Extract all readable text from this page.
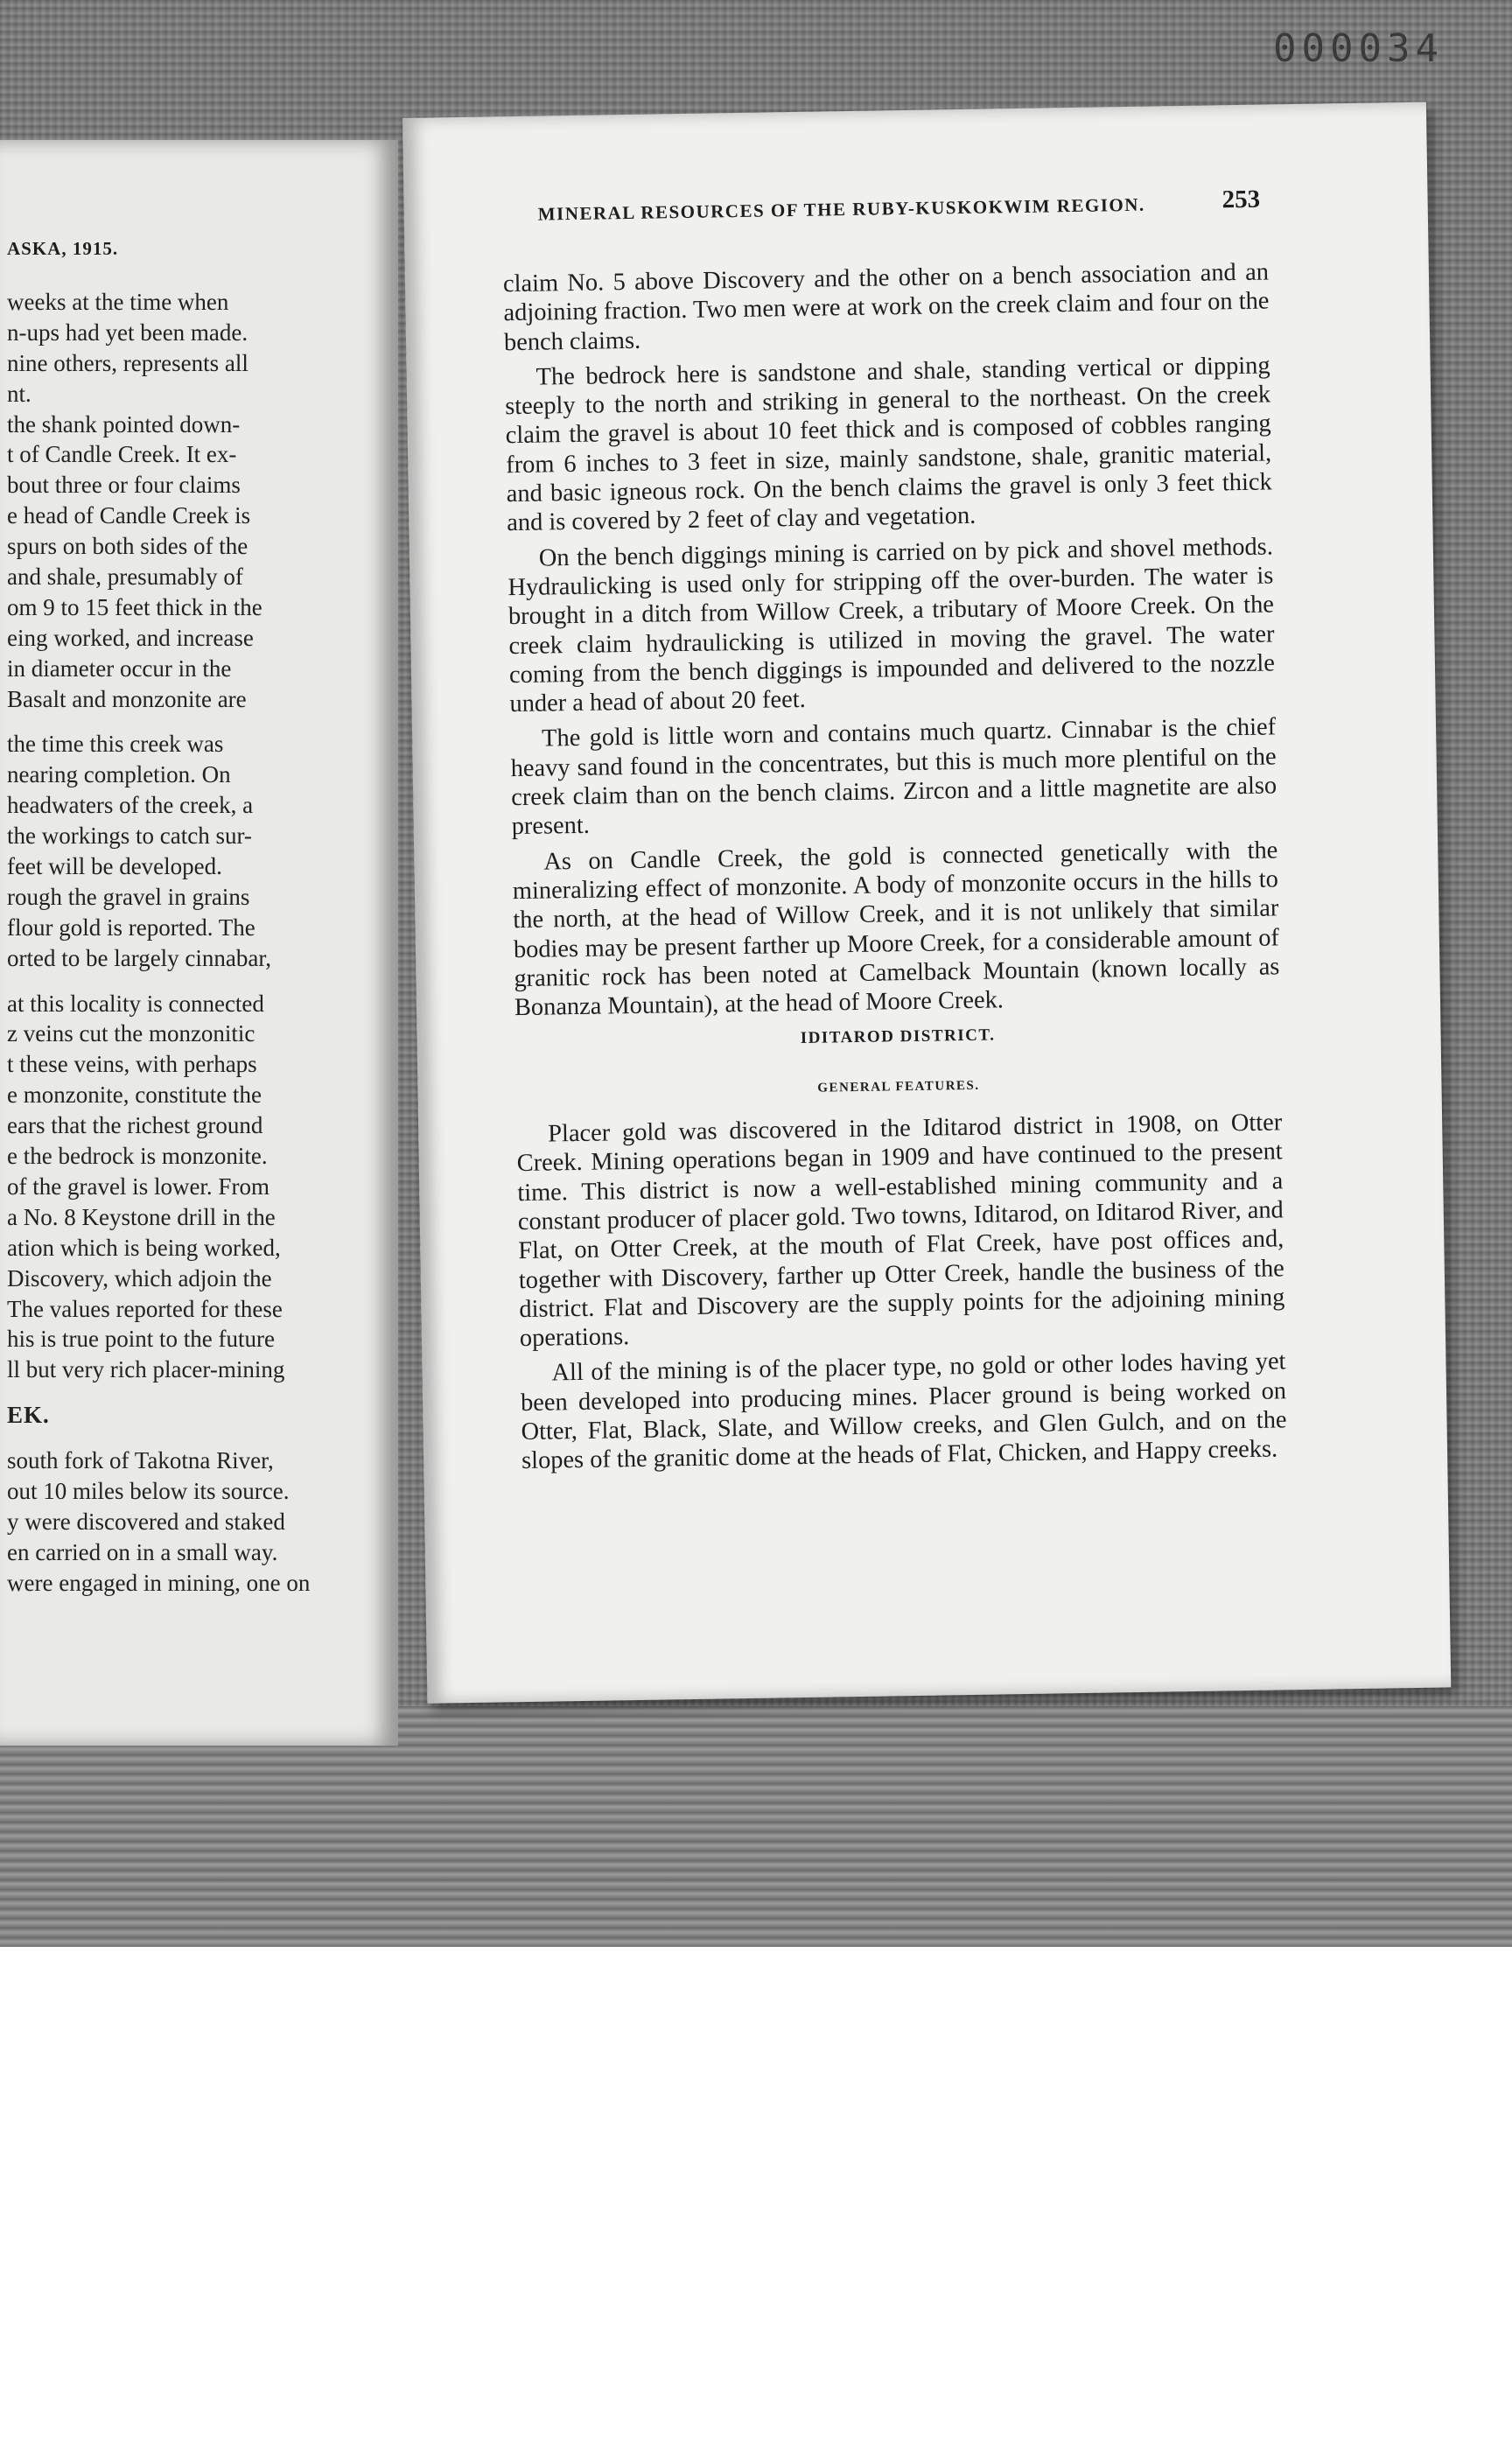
000034
ASKA, 1915.
weeks at the time when
n-ups had yet been made.
nine others, represents all
nt.
the shank pointed down-
t of Candle Creek. It ex-
bout three or four claims
e head of Candle Creek is
spurs on both sides of the
and shale, presumably of
om 9 to 15 feet thick in the
eing worked, and increase
in diameter occur in the
Basalt and monzonite are
the time this creek was
nearing completion. On
headwaters of the creek, a
the workings to catch sur-
feet will be developed.
rough the gravel in grains
flour gold is reported. The
orted to be largely cinnabar,
at this locality is connected
z veins cut the monzonitic
t these veins, with perhaps
e monzonite, constitute the
ears that the richest ground
e the bedrock is monzonite.
of the gravel is lower. From
a No. 8 Keystone drill in the
ation which is being worked,
Discovery, which adjoin the
The values reported for these
his is true point to the future
ll but very rich placer-mining
EK.
south fork of Takotna River,
out 10 miles below its source.
y were discovered and staked
en carried on in a small way.
were engaged in mining, one on
MINERAL RESOURCES OF THE RUBY-KUSKOKWIM REGION.	253

claim No. 5 above Discovery and the other on a bench association and an adjoining fraction. Two men were at work on the creek claim and four on the bench claims.

The bedrock here is sandstone and shale, standing vertical or dipping steeply to the north and striking in general to the northeast. On the creek claim the gravel is about 10 feet thick and is composed of cobbles ranging from 6 inches to 3 feet in size, mainly sandstone, shale, granitic material, and basic igneous rock. On the bench claims the gravel is only 3 feet thick and is covered by 2 feet of clay and vegetation.

On the bench diggings mining is carried on by pick and shovel methods. Hydraulicking is used only for stripping off the over-burden. The water is brought in a ditch from Willow Creek, a tributary of Moore Creek. On the creek claim hydraulicking is utilized in moving the gravel. The water coming from the bench diggings is impounded and delivered to the nozzle under a head of about 20 feet.

The gold is little worn and contains much quartz. Cinnabar is the chief heavy sand found in the concentrates, but this is much more plentiful on the creek claim than on the bench claims. Zircon and a little magnetite are also present.

As on Candle Creek, the gold is connected genetically with the mineralizing effect of monzonite. A body of monzonite occurs in the hills to the north, at the head of Willow Creek, and it is not unlikely that similar bodies may be present farther up Moore Creek, for a considerable amount of granitic rock has been noted at Camelback Mountain (known locally as Bonanza Mountain), at the head of Moore Creek.

IDITAROD DISTRICT.
GENERAL FEATURES.

Placer gold was discovered in the Iditarod district in 1908, on Otter Creek. Mining operations began in 1909 and have continued to the present time. This district is now a well-established mining community and a constant producer of placer gold. Two towns, Iditarod, on Iditarod River, and Flat, on Otter Creek, at the mouth of Flat Creek, have post offices and, together with Discovery, farther up Otter Creek, handle the business of the district. Flat and Discovery are the supply points for the adjoining mining operations.

All of the mining is of the placer type, no gold or other lodes having yet been developed into producing mines. Placer ground is being worked on Otter, Flat, Black, Slate, and Willow creeks, and Glen Gulch, and on the slopes of the granitic dome at the heads of Flat, Chicken, and Happy creeks.
